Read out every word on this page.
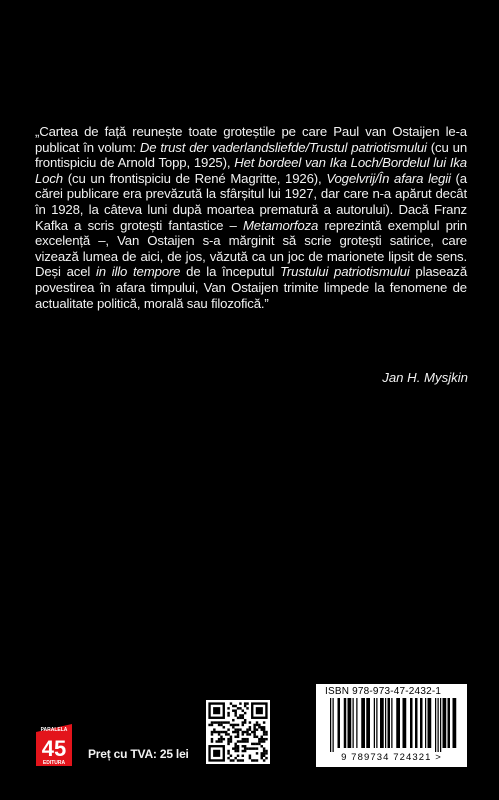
„Cartea de față reunește toate groteștile pe care Paul van Ostaijen le-a publicat în volum: De trust der vaderlandsliefde/Trustul patriotismului (cu un frontispiciu de Arnold Topp, 1925), Het bordeel van Ika Loch/Bordelul lui Ika Loch (cu un frontispiciu de René Magritte, 1926), Vogelvrij/În afara legii (a cărei publicare era prevăzută la sfârșitul lui 1927, dar care n-a apărut decât în 1928, la câteva luni după moartea prematură a autorului). Dacă Franz Kafka a scris grotești fantastice – Metamorfoza reprezintă exemplul prin excelență –, Van Ostaijen s-a mărginit să scrie grotești satirice, care vizează lumea de aici, de jos, văzută ca un joc de marionete lipsit de sens. Deși acel in illo tempore de la începutul Trustului patriotismului plasează povestirea în afara timpului, Van Ostaijen trimite limpede la fenomene de actualitate politică, morală sau filozofică.”
Jan H. Mysjkin
PARALELA
45
EDITURA
Preț cu TVA: 25 lei
ISBN 978-973-47-2432-1
9 789734 724321 >
